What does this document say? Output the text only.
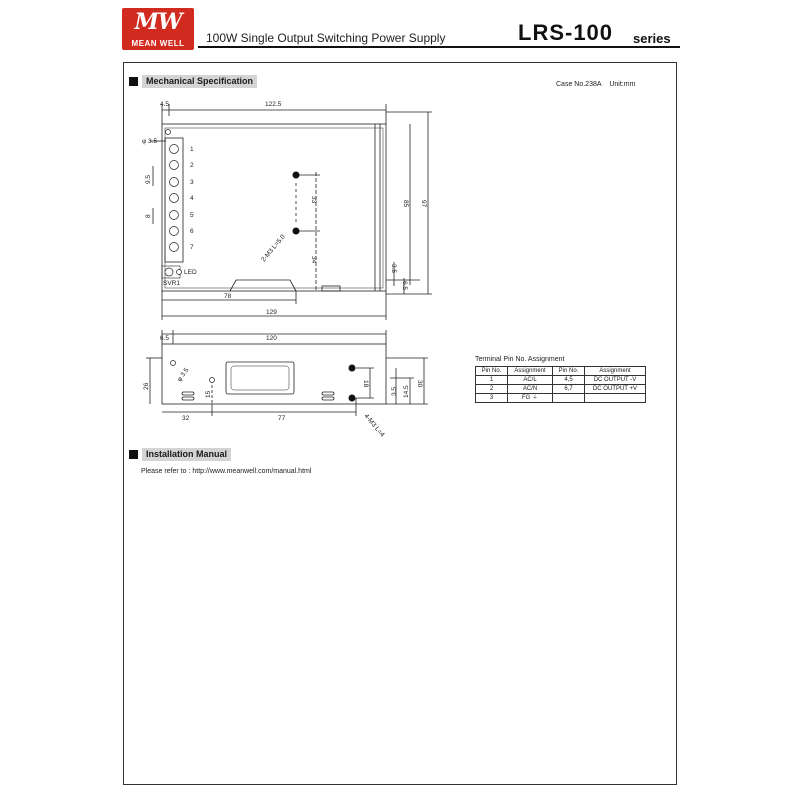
MW
MEAN WELL	100W Single Output Switching Power Supply	LRS-100 series
Mechanical Specification	Case No.238A Unit:mm
4.5	122.5
φ 3.5
9.5
8
33
34
85 97
3.5
6.5
78
129
2-M3 L=5.0
1
2
3
4
5
6
7
LED
SVR1
6.5	120
26
15
φ 3.5
18
3.5 14.5
30
32	77	4-M3 L=4
Terminal Pin No. Assignment
Pin No.	Assignment	Pin No.	Assignment
1	AC/L	4,5	DC OUTPUT -V
2	AC/N	6,7	DC OUTPUT +V
3	FG ⏚		
Installation Manual
Please refer to : http://www.meanwell.com/manual.html
